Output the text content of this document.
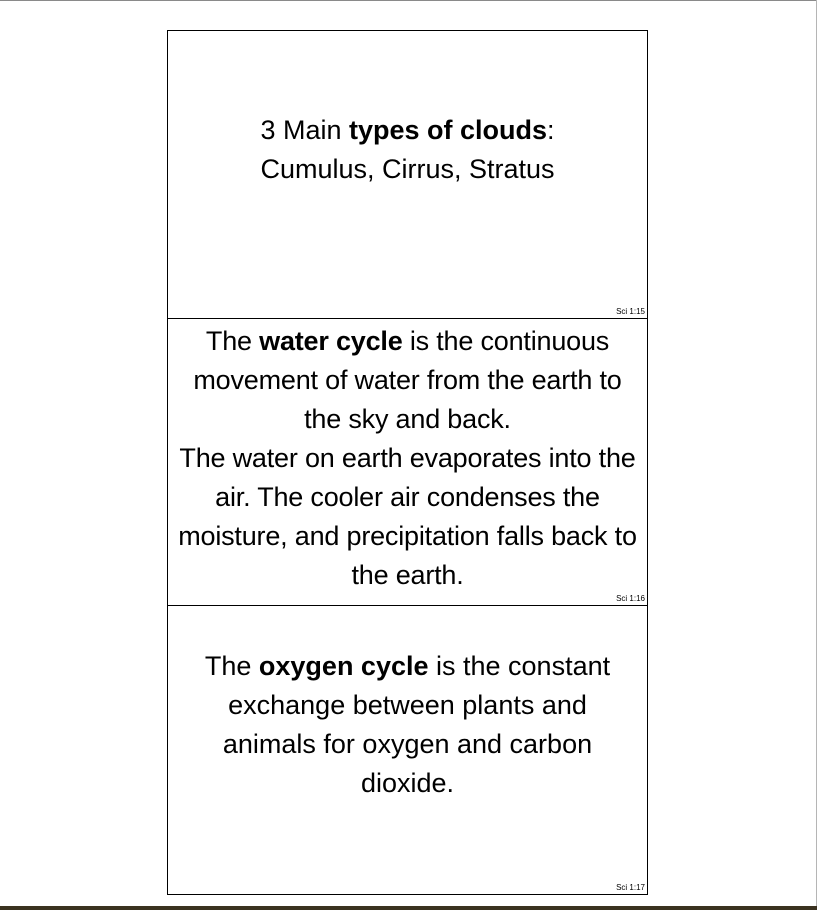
3 Main types of clouds:
Cumulus, Cirrus, Stratus
Sci 1:15
The water cycle is the continuous movement of water from the earth to the sky and back.
The water on earth evaporates into the air. The cooler air condenses the moisture, and precipitation falls back to the earth.
Sci 1:16
The oxygen cycle is the constant exchange between plants and animals for oxygen and carbon dioxide.
Sci 1:17
